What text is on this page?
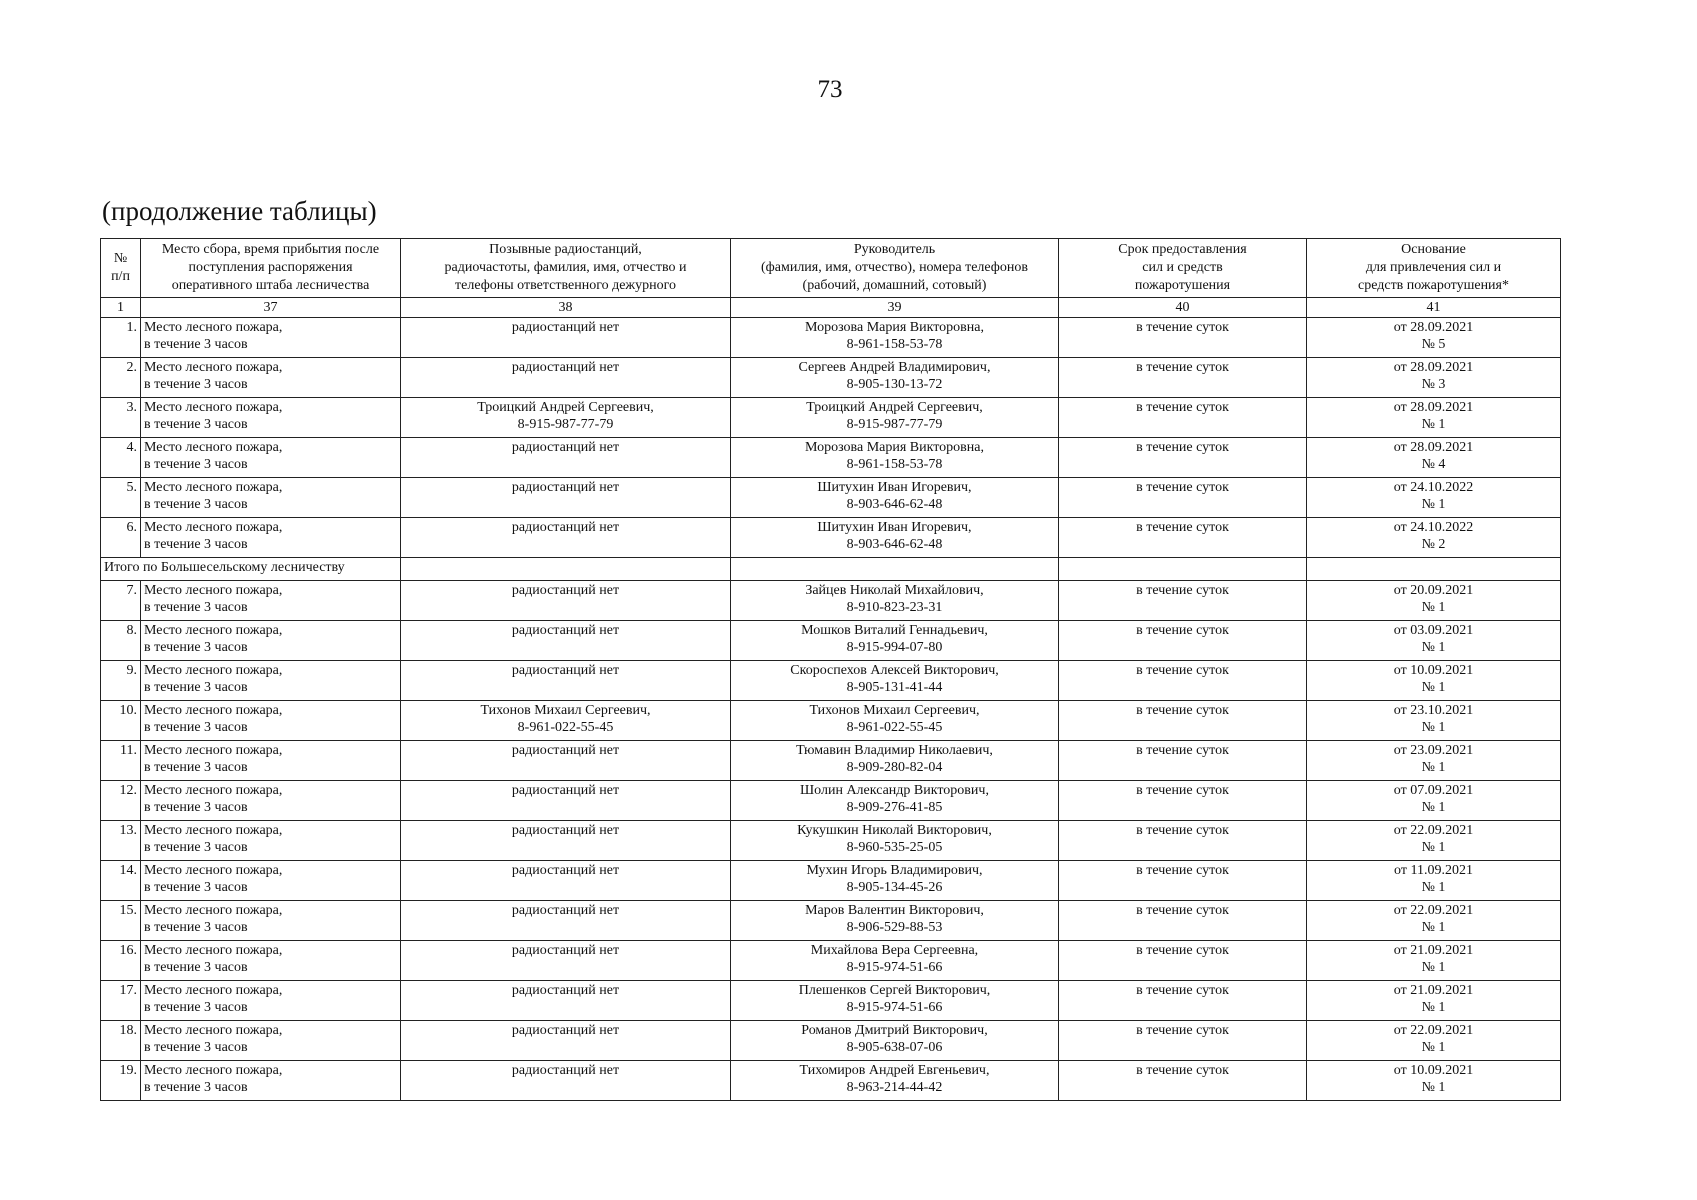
73
(продолжение таблицы)
№
п/п	Место сбора, время прибытия после
поступления распоряжения
оперативного штаба лесничества	Позывные радиостанций,
радиочастоты, фамилия, имя, отчество и
телефоны ответственного дежурного	Руководитель
(фамилия, имя, отчество), номера телефонов
(рабочий, домашний, сотовый)	Срок предоставления
сил и средств
пожаротушения	Основание
для привлечения сил и
средств пожаротушения*

1	37	38	39	40	41

1.	Место лесного пожара,
в течение 3 часов	радиостанций нет	Морозова Мария Викторовна,
8-961-158-53-78	в течение суток	от 28.09.2021
№ 5

2.	Место лесного пожара,
в течение 3 часов	радиостанций нет	Сергеев Андрей Владимирович,
8-905-130-13-72	в течение суток	от 28.09.2021
№ 3

3.	Место лесного пожара,
в течение 3 часов	Троицкий Андрей Сергеевич,
8-915-987-77-79	Троицкий Андрей Сергеевич,
8-915-987-77-79	в течение суток	от 28.09.2021
№ 1

4.	Место лесного пожара,
в течение 3 часов	радиостанций нет	Морозова Мария Викторовна,
8-961-158-53-78	в течение суток	от 28.09.2021
№ 4

5.	Место лесного пожара,
в течение 3 часов	радиостанций нет	Шитухин Иван Игоревич,
8-903-646-62-48	в течение суток	от 24.10.2022
№ 1

6.	Место лесного пожара,
в течение 3 часов	радиостанций нет	Шитухин Иван Игоревич,
8-903-646-62-48	в течение суток	от 24.10.2022
№ 2

Итого по Большесельскому лесничеству					

7.	Место лесного пожара,
в течение 3 часов	радиостанций нет	Зайцев Николай Михайлович,
8-910-823-23-31	в течение суток	от 20.09.2021
№ 1

8.	Место лесного пожара,
в течение 3 часов	радиостанций нет	Мошков Виталий Геннадьевич,
8-915-994-07-80	в течение суток	от 03.09.2021
№ 1

9.	Место лесного пожара,
в течение 3 часов	радиостанций нет	Скороспехов Алексей Викторович,
8-905-131-41-44	в течение суток	от 10.09.2021
№ 1

10.	Место лесного пожара,
в течение 3 часов	Тихонов Михаил Сергеевич,
8-961-022-55-45	Тихонов Михаил Сергеевич,
8-961-022-55-45	в течение суток	от 23.10.2021
№ 1

11.	Место лесного пожара,
в течение 3 часов	радиостанций нет	Тюмавин Владимир Николаевич,
8-909-280-82-04	в течение суток	от 23.09.2021
№ 1

12.	Место лесного пожара,
в течение 3 часов	радиостанций нет	Шолин Александр Викторович,
8-909-276-41-85	в течение суток	от 07.09.2021
№ 1

13.	Место лесного пожара,
в течение 3 часов	радиостанций нет	Кукушкин Николай Викторович,
8-960-535-25-05	в течение суток	от 22.09.2021
№ 1

14.	Место лесного пожара,
в течение 3 часов	радиостанций нет	Мухин Игорь Владимирович,
8-905-134-45-26	в течение суток	от 11.09.2021
№ 1

15.	Место лесного пожара,
в течение 3 часов	радиостанций нет	Маров Валентин Викторович,
8-906-529-88-53	в течение суток	от 22.09.2021
№ 1

16.	Место лесного пожара,
в течение 3 часов	радиостанций нет	Михайлова Вера Сергеевна,
8-915-974-51-66	в течение суток	от 21.09.2021
№ 1

17.	Место лесного пожара,
в течение 3 часов	радиостанций нет	Плешенков Сергей Викторович,
8-915-974-51-66	в течение суток	от 21.09.2021
№ 1

18.	Место лесного пожара,
в течение 3 часов	радиостанций нет	Романов Дмитрий Викторович,
8-905-638-07-06	в течение суток	от 22.09.2021
№ 1

19.	Место лесного пожара,
в течение 3 часов	радиостанций нет	Тихомиров Андрей Евгеньевич,
8-963-214-44-42	в течение суток	от 10.09.2021
№ 1
